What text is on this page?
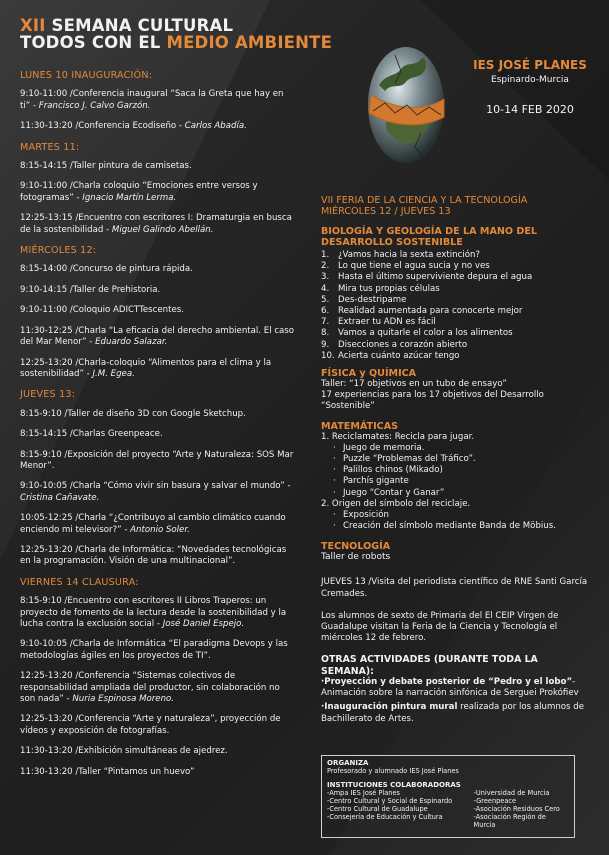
XII SEMANA CULTURAL
TODOS CON EL MEDIO AMBIENTE
IES JOSÉ PLANES
Espinardo-Murcia
10-14 FEB 2020
LUNES 10 INAUGURACIÓN:
9:10-11:00 /Conferencia inaugural “Saca la Greta que hay en ti” - Francisco J. Calvo Garzón.
11:30-13:20 /Conferencia Ecodiseño - Carlos Abadía.
MARTES 11:
8:15-14:15 /Taller pintura de camisetas.
9:10-11:00 /Charla coloquio “Emociones entre versos y fotogramas” - Ignacio Martín Lerma.
12:25-13:15 /Encuentro con escritores I: Dramaturgia en busca de la sostenibilidad - Miguel Galindo Abellán.
MIÉRCOLES 12:
8:15-14:00 /Concurso de pintura rápida.
9:10-14:15 /Taller de Prehistoria.
9:10-11:00 /Coloquio ADICTTescentes.
11:30-12:25 /Charla “La eficacia del derecho ambiental. El caso del Mar Menor” - Eduardo Salazar.
12:25-13:20 /Charla-coloquio “Alimentos para el clima y la sostenibilidad” - J.M. Egea.
JUEVES 13:
8:15-9:10 /Taller de diseño 3D con Google Sketchup.
8:15-14:15 /Charlas Greenpeace.
8:15-9:10 /Exposición del proyecto “Arte y Naturaleza: SOS Mar Menor”.
9:10-10:05 /Charla “Cómo vivir sin basura y salvar el mundo” - Cristina Cañavate.
10:05-12:25 /Charla “¿Contribuyo al cambio climático cuando enciendo mi televisor?” - Antonio Soler.
12:25-13:20 /Charla de Informática: “Novedades tecnológicas en la programación. Visión de una multinacional”.
VIERNES 14 CLAUSURA:
8:15-9:10 /Encuentro con escritores II Libros Traperos: un proyecto de fomento de la lectura desde la sostenibilidad y la lucha contra la exclusión social - José Daniel Espejo.
9:10-10:05 /Charla de Informática “El paradigma Devops y las metodologías ágiles en los proyectos de TI”.
12:25-13:20 /Conferencia “Sistemas colectivos de responsabilidad ampliada del productor, sin colaboración no son nada” - Nuria Espinosa Moreno.
12:25-13:20 /Conferencia “Arte y naturaleza”, proyección de vídeos y exposición de fotografías.
11:30-13:20 /Exhibición simultáneas de ajedrez.
11:30-13:20 /Taller “Pintamos un huevo”
VII FERIA DE LA CIENCIA Y LA TECNOLOGÍA
MIÉRCOLES 12 / JUEVES 13
BIOLOGÍA Y GEOLOGÍA DE LA MANO DEL DESARROLLO SOSTENIBLE
1. ¿Vamos hacia la sexta extinción?
2. Lo que tiene el agua sucia y no ves
3. Hasta el último superviviente depura el agua
4. Mira tus propias células
5. Des-destripame
6. Realidad aumentada para conocerte mejor
7. Extraer tu ADN es fácil
8. Vamos a quitarle el color a los alimentos
9. Disecciones a corazón abierto
10. Acierta cuánto azúcar tengo
FÍSICA y QUÍMICA
Taller: “17 objetivos en un tubo de ensayo”
17 experiencias para los 17 objetivos del Desarrollo “Sostenible”
MATEMÁTICAS
1. Reciclamates: Recicla para jugar.
· Juego de memoria.
· Puzzle “Problemas del Tráfico”.
· Palillos chinos (Mikado)
· Parchís gigante
· Juego “Contar y Ganar”
2. Origen del símbolo del reciclaje.
· Exposición
· Creación del símbolo mediante Banda de Möbius.
TECNOLOGÍA
Taller de robots
JUEVES 13 /Visita del periodista científico de RNE Santi García Cremades.
Los alumnos de sexto de Primaria del El CEIP Virgen de Guadalupe visitan la Feria de la Ciencia y Tecnología el miércoles 12 de febrero.
OTRAS ACTIVIDADES (DURANTE TODA LA SEMANA):
·Proyección y debate posterior de “Pedro y el lobo”- Animación sobre la narración sinfónica de Serguei Prokófiev
·Inauguración pintura mural realizada por los alumnos de Bachillerato de Artes.
ORGANIZA
Profesorado y alumnado IES José Planes
INSTITUCIONES COLABORADORAS
-Ampa IES José Planes
-Centro Cultural y Social de Espinardo
-Centro Cultural de Guadalupe
-Consejería de Educación y Cultura
-Universidad de Murcia
-Greenpeace
-Asociación Residuos Cero
-Asociación Región de Murcia
